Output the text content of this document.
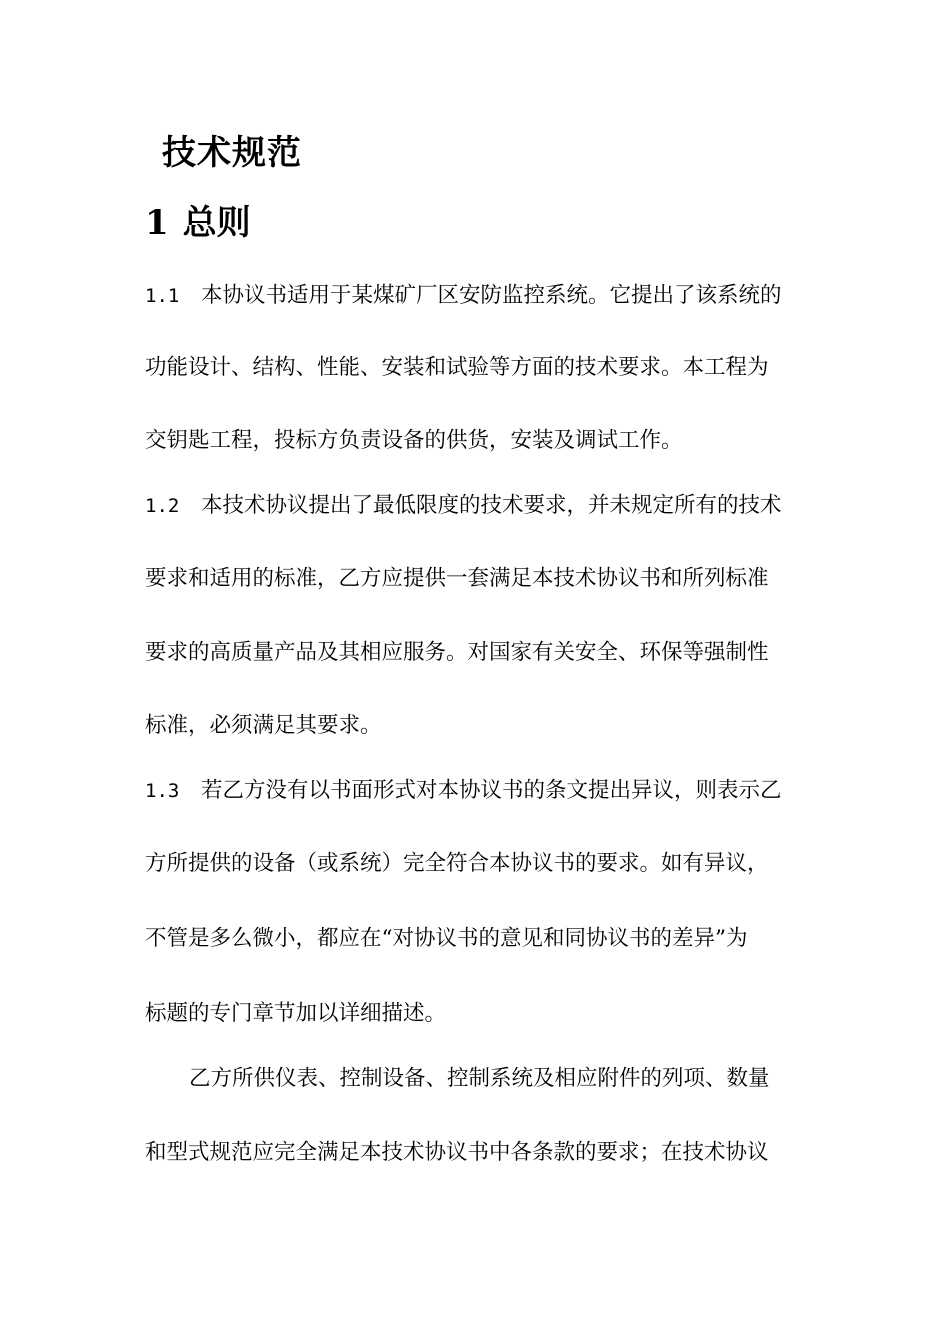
技术规范
1 总则
1.1 本协议书适用于某煤矿厂区安防监控系统。它提出了该系统的
功能设计、结构、性能、安装和试验等方面的技术要求。本工程为
交钥匙工程，投标方负责设备的供货，安装及调试工作。
1.2 本技术协议提出了最低限度的技术要求，并未规定所有的技术
要求和适用的标准，乙方应提供一套满足本技术协议书和所列标准
要求的高质量产品及其相应服务。对国家有关安全、环保等强制性
标准，必须满足其要求。
1.3 若乙方没有以书面形式对本协议书的条文提出异议，则表示乙
方所提供的设备（或系统）完全符合本协议书的要求。如有异议，
不管是多么微小，都应在“对协议书的意见和同协议书的差异”为
标题的专门章节加以详细描述。
乙方所供仪表、控制设备、控制系统及相应附件的列项、数量
和型式规范应完全满足本技术协议书中各条款的要求；在技术协议
